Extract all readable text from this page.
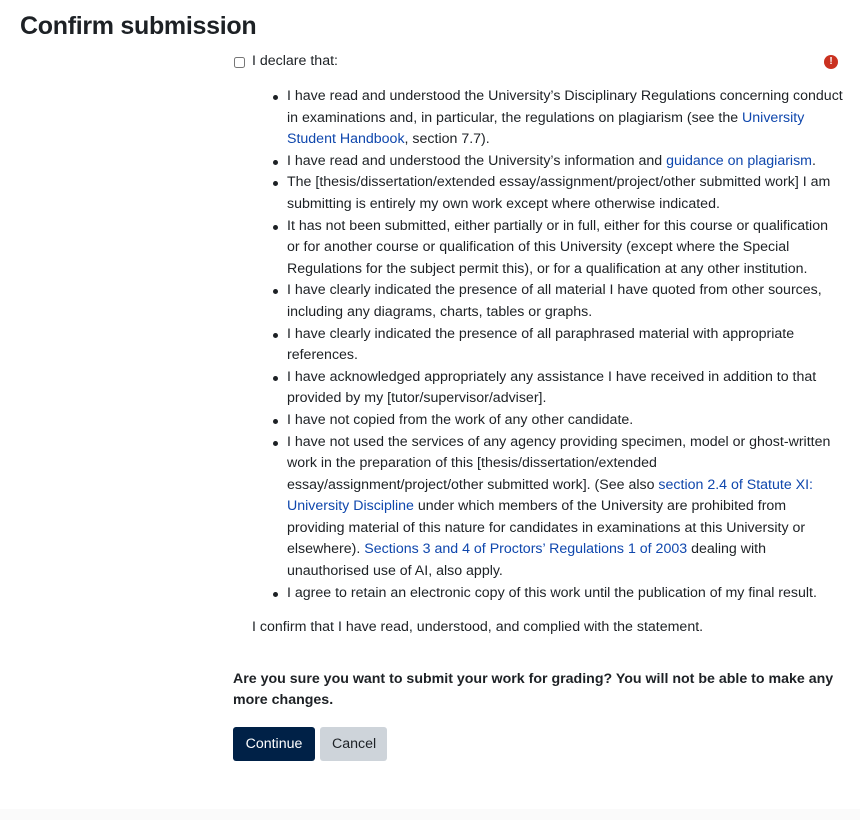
Confirm submission
!
I declare that:
I have read and understood the University’s Disciplinary Regulations concerning conduct in examinations and, in particular, the regulations on plagiarism (see the University Student Handbook, section 7.7).
I have read and understood the University’s information and guidance on plagiarism.
The [thesis/dissertation/extended essay/assignment/project/other submitted work] I am submitting is entirely my own work except where otherwise indicated.
It has not been submitted, either partially or in full, either for this course or qualification or for another course or qualification of this University (except where the Special Regulations for the subject permit this), or for a qualification at any other institution.
I have clearly indicated the presence of all material I have quoted from other sources, including any diagrams, charts, tables or graphs.
I have clearly indicated the presence of all paraphrased material with appropriate references.
I have acknowledged appropriately any assistance I have received in addition to that provided by my [tutor/supervisor/adviser].
I have not copied from the work of any other candidate.
I have not used the services of any agency providing specimen, model or ghost-written work in the preparation of this [thesis/dissertation/extended essay/assignment/project/other submitted work]. (See also section 2.4 of Statute XI: University Discipline under which members of the University are prohibited from providing material of this nature for candidates in examinations at this University or elsewhere). Sections 3 and 4 of Proctors’ Regulations 1 of 2003 dealing with unauthorised use of AI, also apply.
I agree to retain an electronic copy of this work until the publication of my final result.
I confirm that I have read, understood, and complied with the statement.
Are you sure you want to submit your work for grading? You will not be able to make any more changes.
Continue	Cancel
